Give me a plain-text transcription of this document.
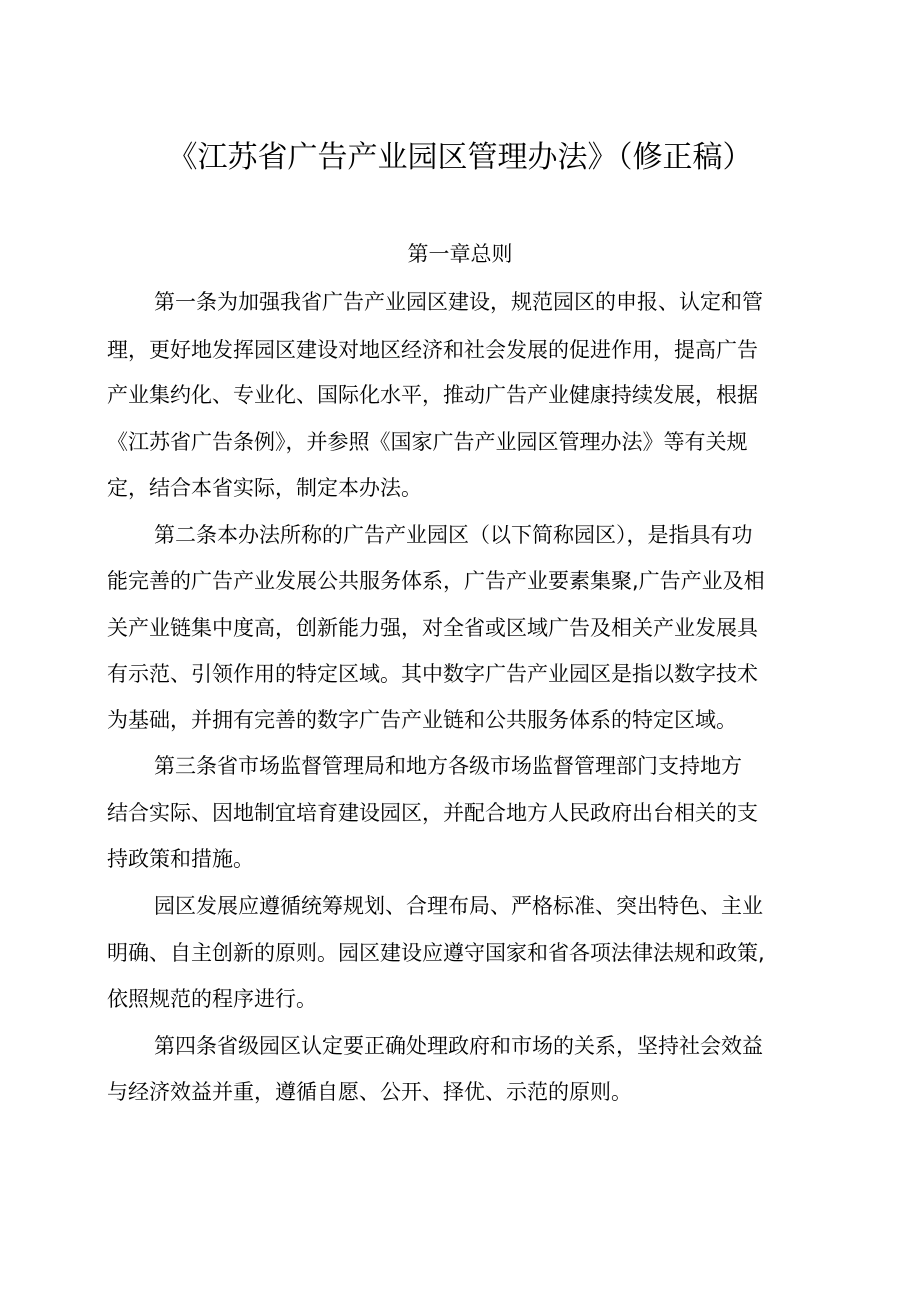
《江苏省广告产业园区管理办法》（修正稿）
第一章总则

第一条为加强我省广告产业园区建设，规范园区的申报、认定和管

理，更好地发挥园区建设对地区经济和社会发展的促进作用，提高广告

产业集约化、专业化、国际化水平，推动广告产业健康持续发展，根据

《江苏省广告条例》，并参照《国家广告产业园区管理办法》等有关规

定，结合本省实际，制定本办法。

第二条本办法所称的广告产业园区（以下简称园区），是指具有功

能完善的广告产业发展公共服务体系，广告产业要素集聚,广告产业及相

关产业链集中度高，创新能力强，对全省或区域广告及相关产业发展具

有示范、引领作用的特定区域。其中数字广告产业园区是指以数字技术

为基础，并拥有完善的数字广告产业链和公共服务体系的特定区域。

第三条省市场监督管理局和地方各级市场监督管理部门支持地方

结合实际、因地制宜培育建设园区，并配合地方人民政府出台相关的支

持政策和措施。

园区发展应遵循统筹规划、合理布局、严格标准、突出特色、主业

明确、自主创新的原则。园区建设应遵守国家和省各项法律法规和政策,

依照规范的程序进行。

第四条省级园区认定要正确处理政府和市场的关系，坚持社会效益

与经济效益并重，遵循自愿、公开、择优、示范的原则。
